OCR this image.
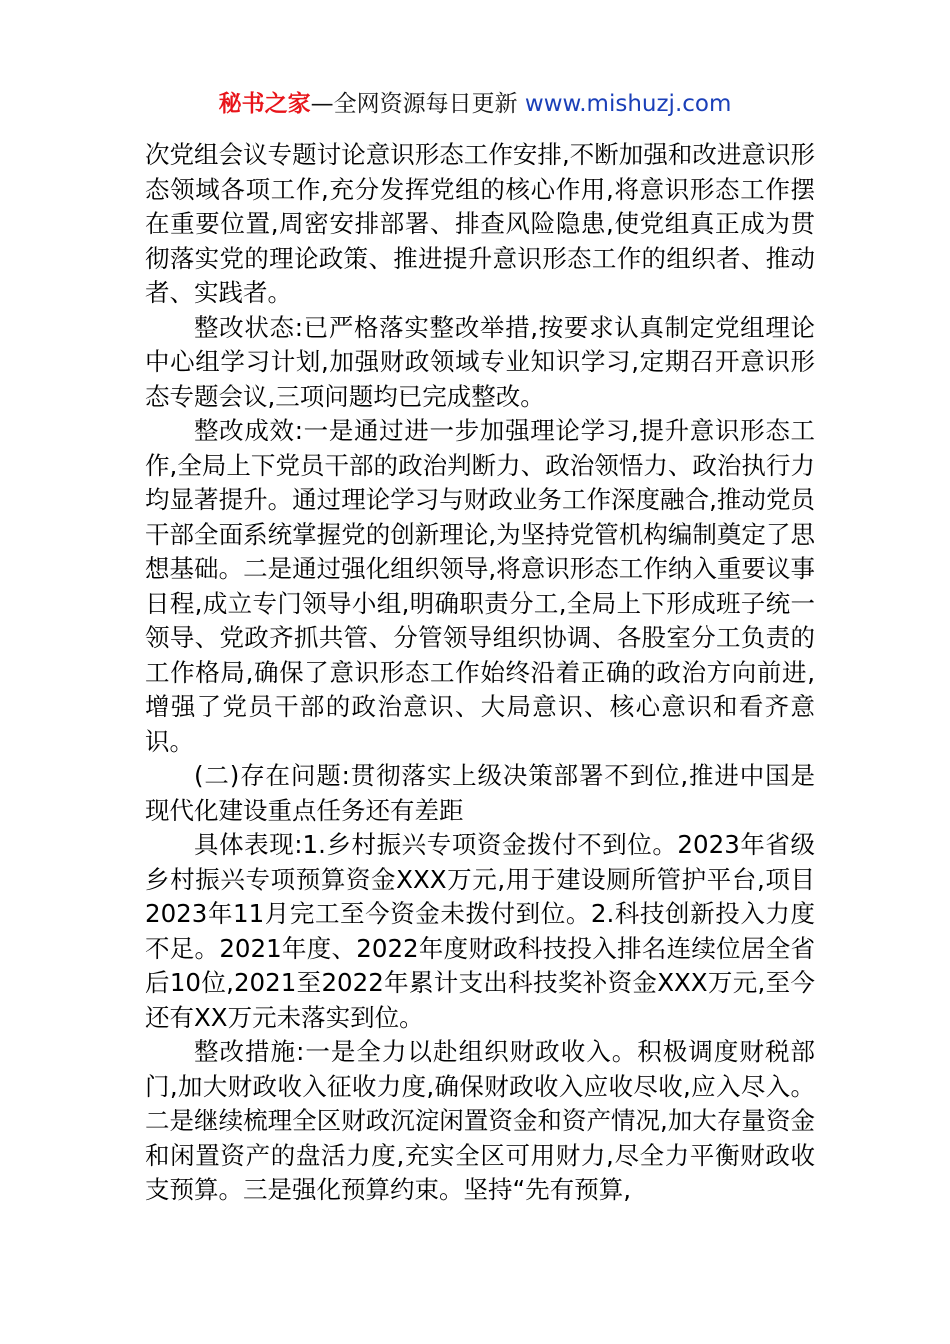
秘书之家—全网资源每日更新 www.mishuzj.com

次党组会议专题讨论意识形态工作安排,不断加强和改进意识形态领域各项工作,充分发挥党组的核心作用,将意识形态工作摆在重要位置,周密安排部署、排查风险隐患,使党组真正成为贯彻落实党的理论政策、推进提升意识形态工作的组织者、推动者、实践者。

整改状态:已严格落实整改举措,按要求认真制定党组理论中心组学习计划,加强财政领域专业知识学习,定期召开意识形态专题会议,三项问题均已完成整改。

整改成效:一是通过进一步加强理论学习,提升意识形态工作,全局上下党员干部的政治判断力、政治领悟力、政治执行力均显著提升。通过理论学习与财政业务工作深度融合,推动党员干部全面系统掌握党的创新理论,为坚持党管机构编制奠定了思想基础。二是通过强化组织领导,将意识形态工作纳入重要议事日程,成立专门领导小组,明确职责分工,全局上下形成班子统一领导、党政齐抓共管、分管领导组织协调、各股室分工负责的工作格局,确保了意识形态工作始终沿着正确的政治方向前进,增强了党员干部的政治意识、大局意识、核心意识和看齐意识。

(二)存在问题:贯彻落实上级决策部署不到位,推进中国是现代化建设重点任务还有差距

具体表现:1.乡村振兴专项资金拨付不到位。2023年省级乡村振兴专项预算资金XXX万元,用于建设厕所管护平台,项目2023年11月完工至今资金未拨付到位。2.科技创新投入力度不足。2021年度、2022年度财政科技投入排名连续位居全省后10位,2021至2022年累计支出科技奖补资金XXX万元,至今还有XX万元未落实到位。

整改措施:一是全力以赴组织财政收入。积极调度财税部门,加大财政收入征收力度,确保财政收入应收尽收,应入尽入。二是继续梳理全区财政沉淀闲置资金和资产情况,加大存量资金和闲置资产的盘活力度,充实全区可用财力,尽全力平衡财政收支预算。三是强化预算约束。坚持“先有预算,
